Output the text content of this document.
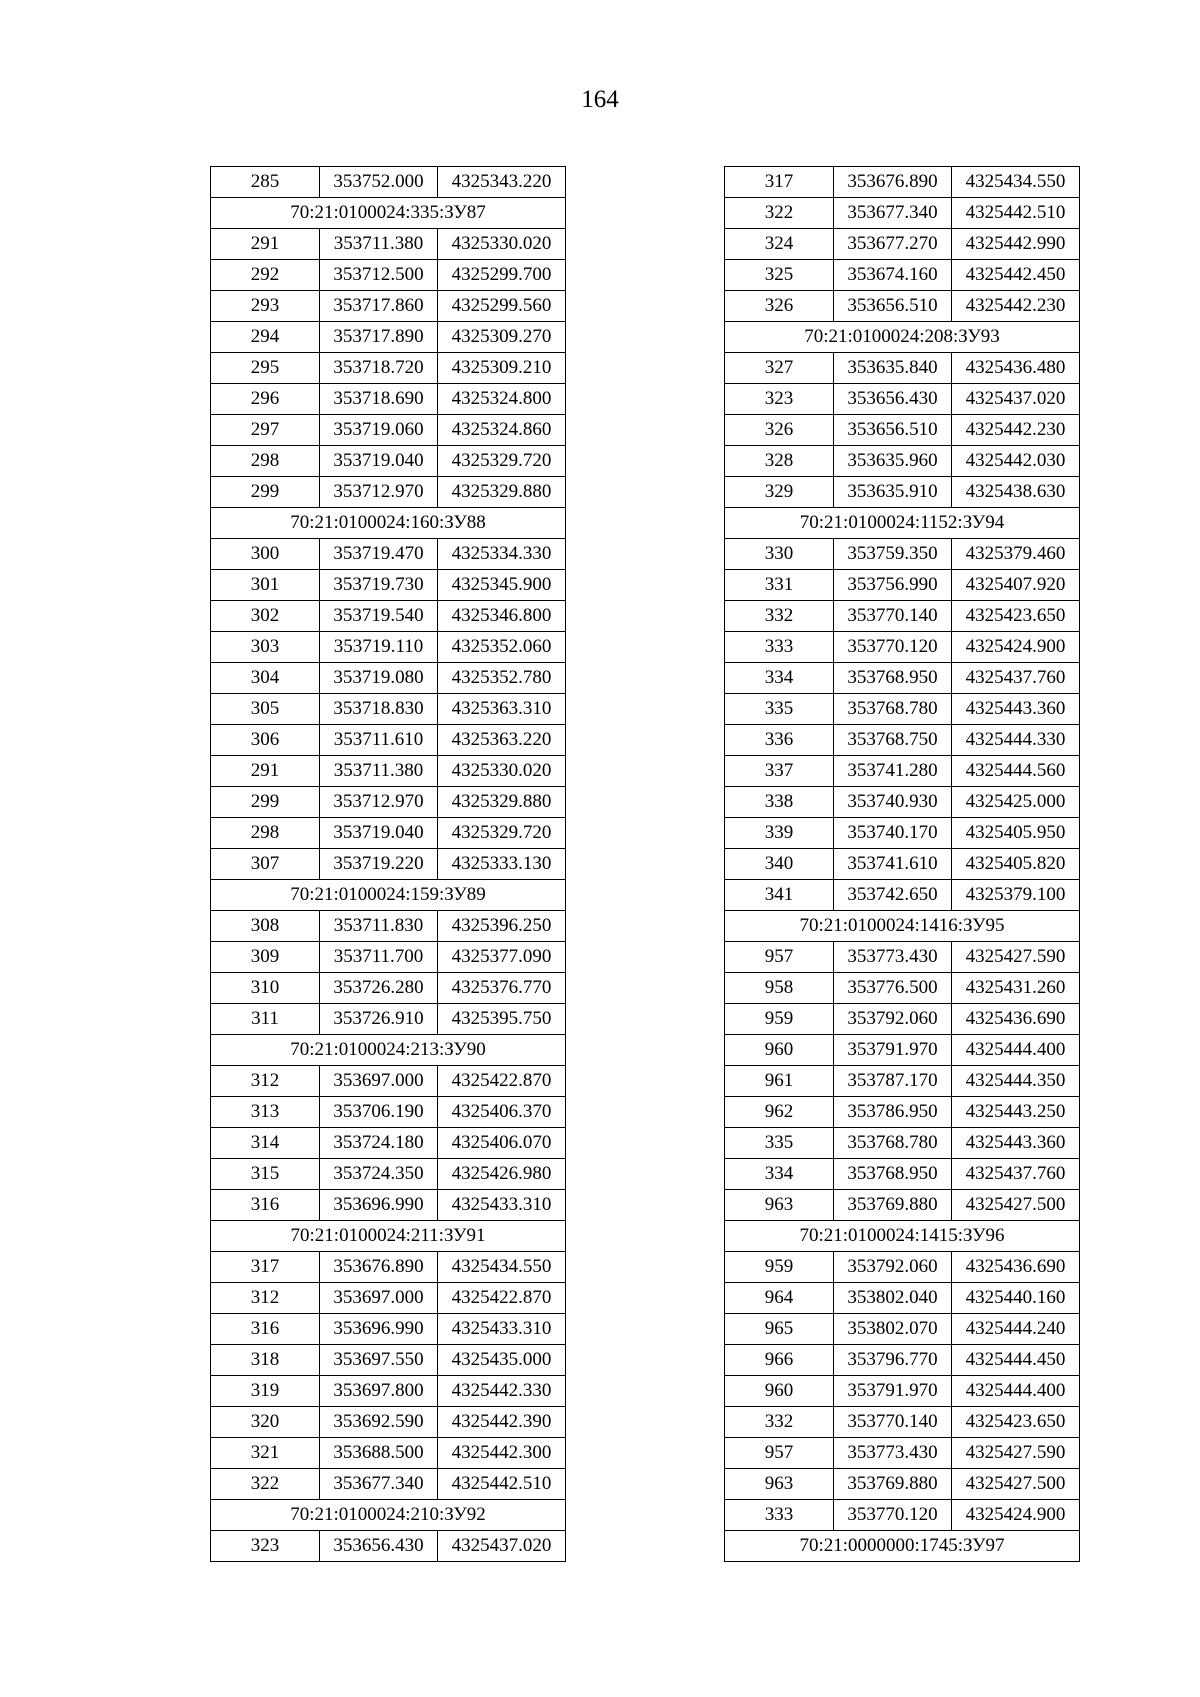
164
285	353752.000	4325343.220
70:21:0100024:335:ЗУ87		
291	353711.380	4325330.020
292	353712.500	4325299.700
293	353717.860	4325299.560
294	353717.890	4325309.270
295	353718.720	4325309.210
296	353718.690	4325324.800
297	353719.060	4325324.860
298	353719.040	4325329.720
299	353712.970	4325329.880
70:21:0100024:160:ЗУ88		
300	353719.470	4325334.330
301	353719.730	4325345.900
302	353719.540	4325346.800
303	353719.110	4325352.060
304	353719.080	4325352.780
305	353718.830	4325363.310
306	353711.610	4325363.220
291	353711.380	4325330.020
299	353712.970	4325329.880
298	353719.040	4325329.720
307	353719.220	4325333.130
70:21:0100024:159:ЗУ89		
308	353711.830	4325396.250
309	353711.700	4325377.090
310	353726.280	4325376.770
311	353726.910	4325395.750
70:21:0100024:213:ЗУ90		
312	353697.000	4325422.870
313	353706.190	4325406.370
314	353724.180	4325406.070
315	353724.350	4325426.980
316	353696.990	4325433.310
70:21:0100024:211:ЗУ91		
317	353676.890	4325434.550
312	353697.000	4325422.870
316	353696.990	4325433.310
318	353697.550	4325435.000
319	353697.800	4325442.330
320	353692.590	4325442.390
321	353688.500	4325442.300
322	353677.340	4325442.510
70:21:0100024:210:ЗУ92		
323	353656.430	4325437.020
317	353676.890	4325434.550
322	353677.340	4325442.510
324	353677.270	4325442.990
325	353674.160	4325442.450
326	353656.510	4325442.230
70:21:0100024:208:ЗУ93		
327	353635.840	4325436.480
323	353656.430	4325437.020
326	353656.510	4325442.230
328	353635.960	4325442.030
329	353635.910	4325438.630
70:21:0100024:1152:ЗУ94		
330	353759.350	4325379.460
331	353756.990	4325407.920
332	353770.140	4325423.650
333	353770.120	4325424.900
334	353768.950	4325437.760
335	353768.780	4325443.360
336	353768.750	4325444.330
337	353741.280	4325444.560
338	353740.930	4325425.000
339	353740.170	4325405.950
340	353741.610	4325405.820
341	353742.650	4325379.100
70:21:0100024:1416:ЗУ95		
957	353773.430	4325427.590
958	353776.500	4325431.260
959	353792.060	4325436.690
960	353791.970	4325444.400
961	353787.170	4325444.350
962	353786.950	4325443.250
335	353768.780	4325443.360
334	353768.950	4325437.760
963	353769.880	4325427.500
70:21:0100024:1415:ЗУ96		
959	353792.060	4325436.690
964	353802.040	4325440.160
965	353802.070	4325444.240
966	353796.770	4325444.450
960	353791.970	4325444.400
332	353770.140	4325423.650
957	353773.430	4325427.590
963	353769.880	4325427.500
333	353770.120	4325424.900
70:21:0000000:1745:ЗУ97		
